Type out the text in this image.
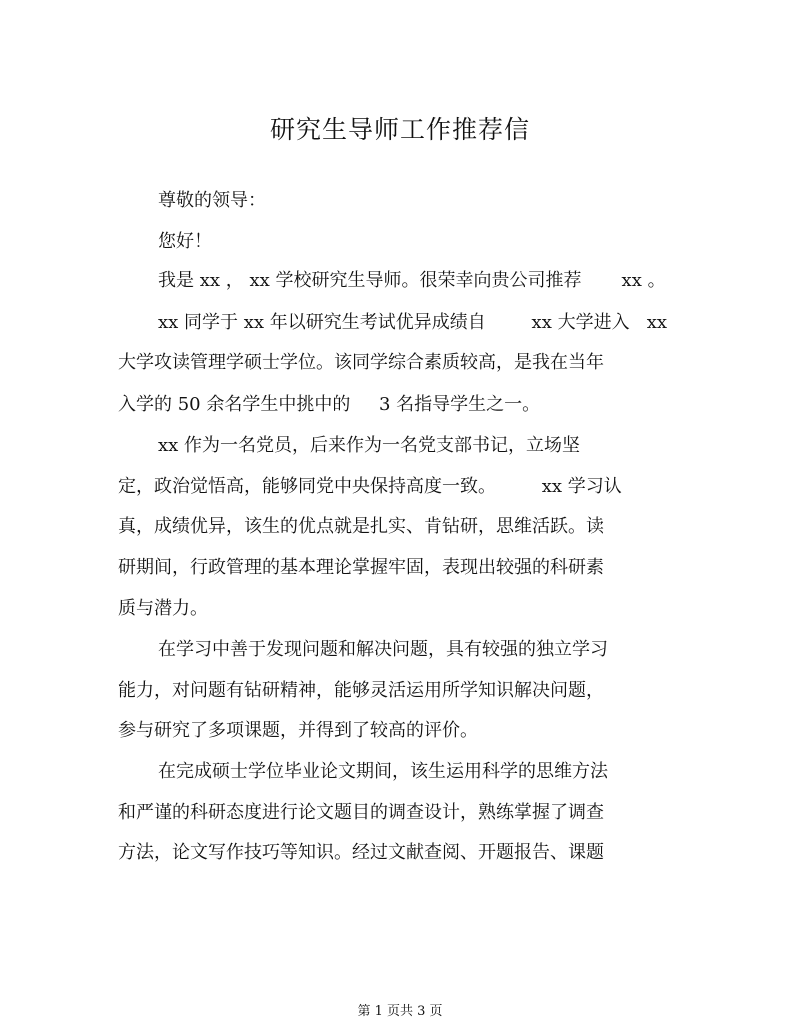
研究生导师工作推荐信
尊敬的领导：
您好！
我是 xx ， xx 学校研究生导师。很荣幸向贵公司推荐       xx 。
xx 同学于 xx 年以研究生考试优异成绩自        xx 大学进入   xx
大学攻读管理学硕士学位。该同学综合素质较高，是我在当年
入学的 50 余名学生中挑中的     3 名指导学生之一。
xx 作为一名党员，后来作为一名党支部书记，立场坚
定，政治觉悟高，能够同党中央保持高度一致。        xx 学习认
真，成绩优异，该生的优点就是扎实、肯钻研，思维活跃。读
研期间，行政管理的基本理论掌握牢固，表现出较强的科研素
质与潜力。
在学习中善于发现问题和解决问题，具有较强的独立学习
能力，对问题有钻研精神，能够灵活运用所学知识解决问题，
参与研究了多项课题，并得到了较高的评价。
在完成硕士学位毕业论文期间，该生运用科学的思维方法
和严谨的科研态度进行论文题目的调查设计，熟练掌握了调查
方法，论文写作技巧等知识。经过文献查阅、开题报告、课题
第 1 页共 3 页
